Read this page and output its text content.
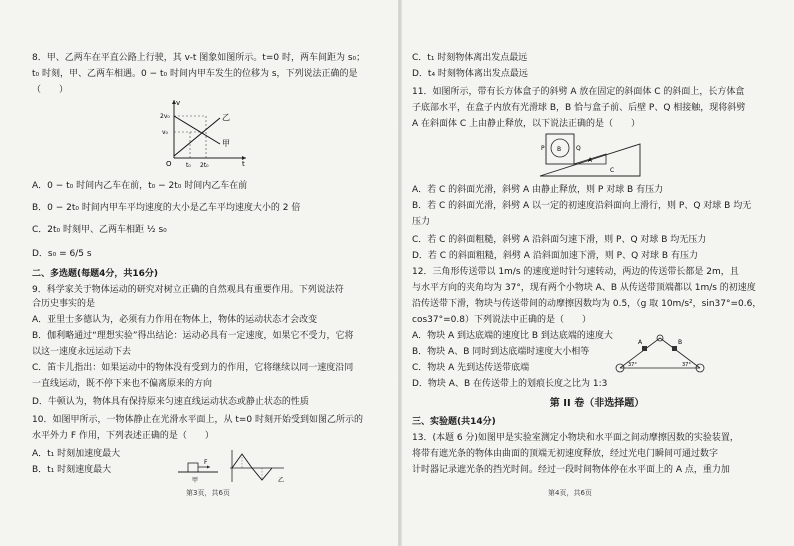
8．甲、乙两车在平直公路上行驶，其 v-t 图象如图所示。t=0 时，两车间距为 s₀；
t₀ 时刻，甲、乙两车相遇。0 − t₀ 时间内甲车发生的位移为 s，下列说法正确的是
（　　）
v
t
2v₀
v₀
t₀ 2t₀
O
乙
甲
A．0 − t₀ 时间内乙车在前，t₀ − 2t₀ 时间内乙车在前
B．0 − 2t₀ 时间内甲车平均速度的大小是乙车平均速度大小的 2 倍
C．2t₀ 时刻甲、乙两车相距 ½ s₀
D．s₀ = 6/5 s
二、多选题(每题4分，共16分)
9．科学家关于物体运动的研究对树立正确的自然观具有重要作用。下列说法符
合历史事实的是
A．亚里士多德认为，必须有力作用在物体上，物体的运动状态才会改变
B．伽利略通过“理想实验”得出结论：运动必具有一定速度，如果它不受力，它将
以这一速度永远运动下去
C．笛卡儿指出：如果运动中的物体没有受到力的作用，它将继续以同一速度沿同
一直线运动，既不停下来也不偏离原来的方向
D．牛顿认为，物体具有保持原来匀速直线运动状态或静止状态的性质
10．如图甲所示，一物体静止在光滑水平面上，从 t=0 时刻开始受到如图乙所示的
水平外力 F 作用，下列表述正确的是（　　）
A．t₁ 时刻加速度最大
B．t₁ 时刻速度最大
F
甲	乙
第3页，共6页
C．t₁ 时刻物体离出发点最远
D．t₄ 时刻物体离出发点最远
11．如图所示，带有长方体盒子的斜劈 A 放在固定的斜面体 C 的斜面上，长方体盒
子底部水平，在盒子内放有光滑球 B，B 恰与盒子前、后壁 P、Q 相接触，现将斜劈
A 在斜面体 C 上由静止释放，以下说法正确的是（　　）
P B Q
A
C
A．若 C 的斜面光滑，斜劈 A 由静止释放，则 P 对球 B 有压力
B．若 C 的斜面光滑，斜劈 A 以一定的初速度沿斜面向上滑行，则 P、Q 对球 B 均无
压力
C．若 C 的斜面粗糙，斜劈 A 沿斜面匀速下滑，则 P、Q 对球 B 均无压力
D．若 C 的斜面粗糙，斜劈 A 沿斜面加速下滑，则 P、Q 对球 B 有压力
12．三角形传送带以 1m/s 的速度逆时针匀速转动，两边的传送带长都是 2m，且
与水平方向的夹角均为 37°，现有两个小物块 A、B 从传送带顶端都以 1m/s 的初速度
沿传送带下滑，物块与传送带间的动摩擦因数均为 0.5，（g 取 10m/s²，sin37°=0.6，
cos37°=0.8）下列说法中正确的是（　　）
A．物块 A 到达底端的速度比 B 到达底端的速度大
B．物块 A、B 同时到达底端时速度大小相等
C．物块 A 先到达传送带底端
D．物块 A、B 在传送带上的划痕长度之比为 1:3
A	B
37°	37°
第 II 卷（非选择题）
三、实验题(共14分)
13．(本题 6 分)如图甲是实验室测定小物块和水平面之间动摩擦因数的实验装置，
将带有遮光条的物体由曲面的顶端无初速度释放，经过光电门瞬间可通过数字
计时器记录遮光条的挡光时间。经过一段时间物体停在水平面上的 A 点，重力加
第4页，共6页
